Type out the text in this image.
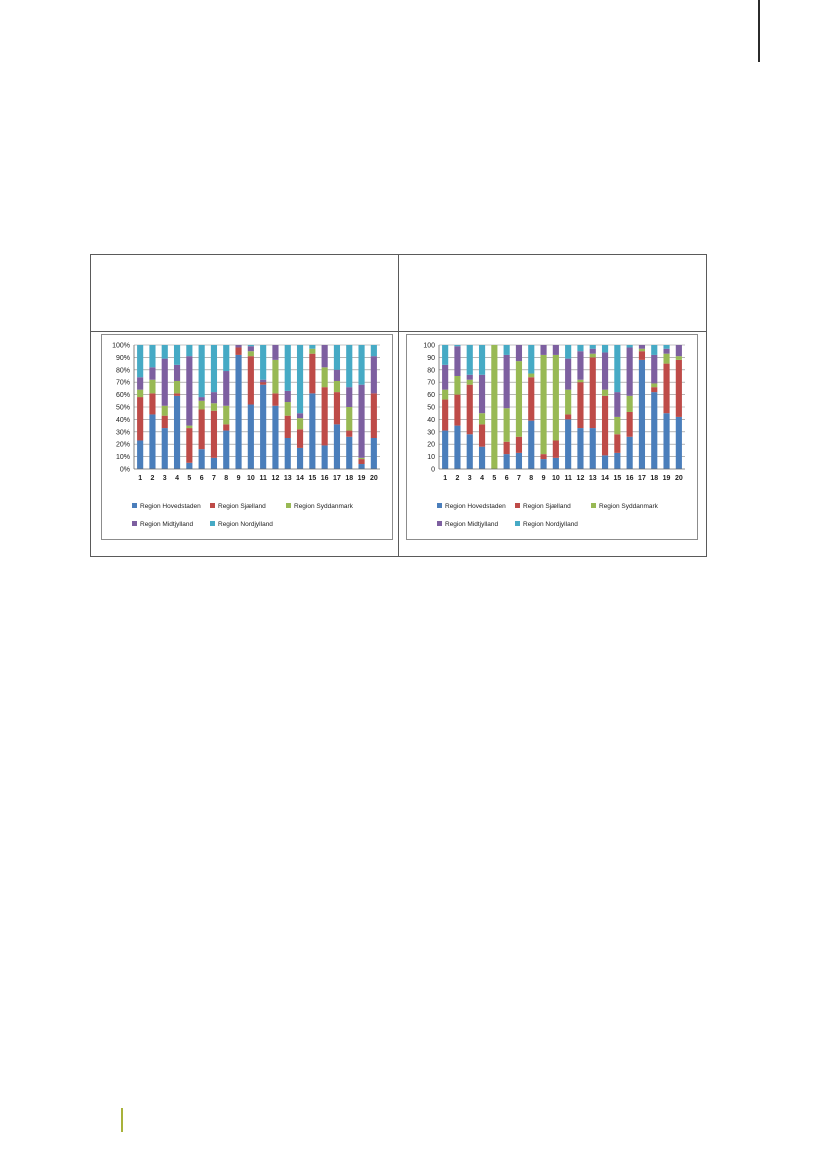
0%
10%
20%
30%
40%
50%
60%
70%
80%
90%
100%
1 2 3 4 5 6 7 8 9 10 11 12 13 14 15 16 17 18 19 20
Region Hovedstaden	Region Sjælland	Region Syddanmark
Region Midtjylland	Region Nordjylland
0
10
20
30
40
50
60
70
80
90
100
1 2 3 4 5 6 7 8 9 10 11 12 13 14 15 16 17 18 19 20
Region Hovedstaden	Region Sjælland	Region Syddanmark
Region Midtjylland	Region Nordjylland
